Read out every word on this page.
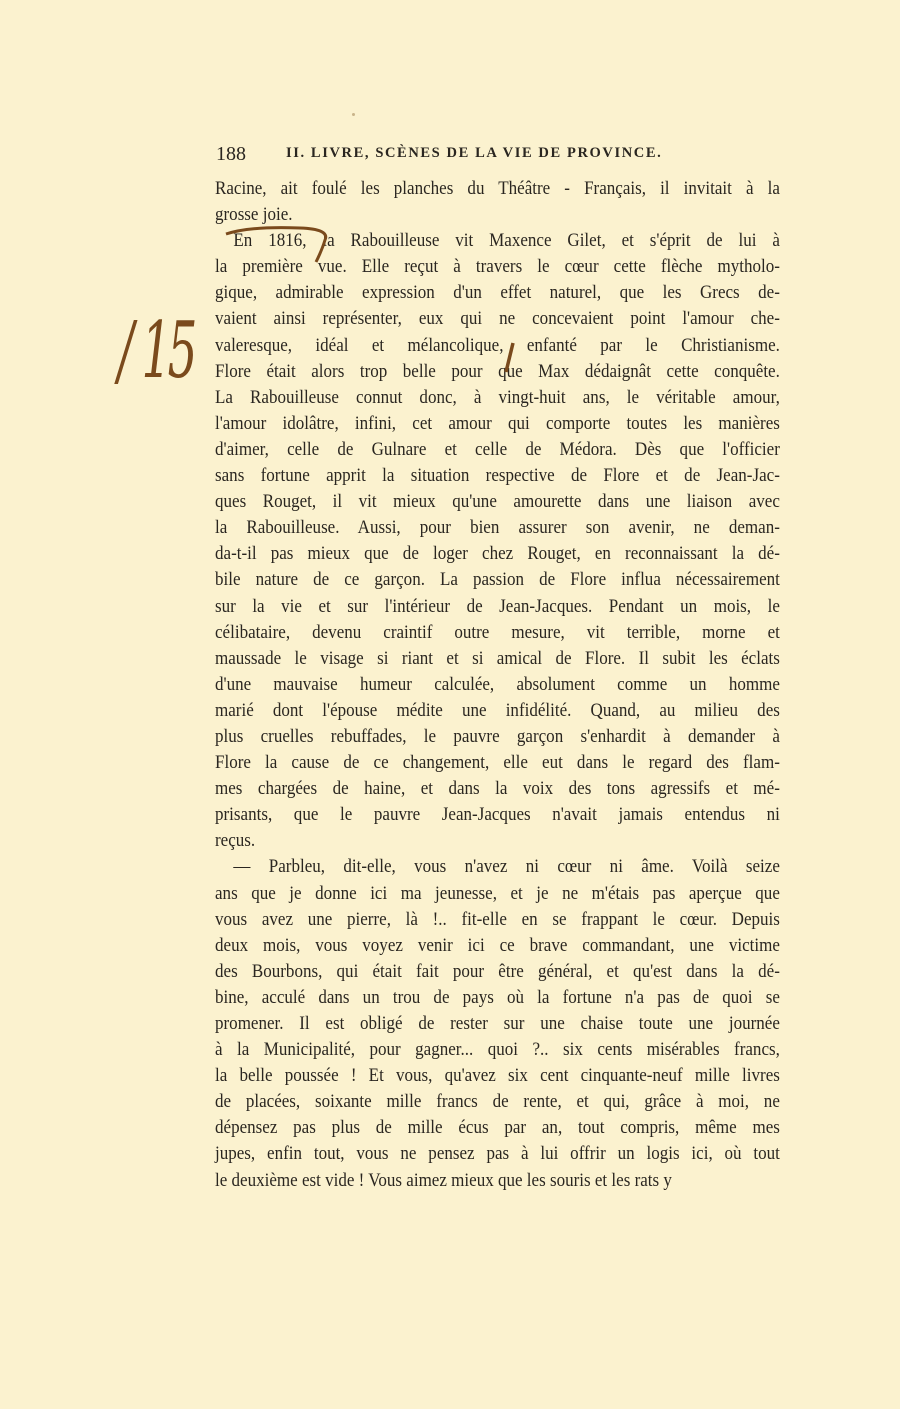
188	II. LIVRE, SCÈNES DE LA VIE DE PROVINCE.
Racine, ait foulé les planches du Théâtre - Français, il invitait à la
grosse joie.
En 1816, la Rabouilleuse vit Maxence Gilet, et s'éprit de lui à
la première vue. Elle reçut à travers le cœur cette flèche mytholo-
gique, admirable expression d'un effet naturel, que les Grecs de-
vaient ainsi représenter, eux qui ne concevaient point l'amour che-
valeresque, idéal et mélancolique, enfanté par le Christianisme.
Flore était alors trop belle pour que Max dédaignât cette conquête.
La Rabouilleuse connut donc, à vingt-huit ans, le véritable amour,
l'amour idolâtre, infini, cet amour qui comporte toutes les manières
d'aimer, celle de Gulnare et celle de Médora. Dès que l'officier
sans fortune apprit la situation respective de Flore et de Jean-Jac-
ques Rouget, il vit mieux qu'une amourette dans une liaison avec
la Rabouilleuse. Aussi, pour bien assurer son avenir, ne deman-
da-t-il pas mieux que de loger chez Rouget, en reconnaissant la dé-
bile nature de ce garçon. La passion de Flore influa nécessairement
sur la vie et sur l'intérieur de Jean-Jacques. Pendant un mois, le
célibataire, devenu craintif outre mesure, vit terrible, morne et
maussade le visage si riant et si amical de Flore. Il subit les éclats
d'une mauvaise humeur calculée, absolument comme un homme
marié dont l'épouse médite une infidélité. Quand, au milieu des
plus cruelles rebuffades, le pauvre garçon s'enhardit à demander à
Flore la cause de ce changement, elle eut dans le regard des flam-
mes chargées de haine, et dans la voix des tons agressifs et mé-
prisants, que le pauvre Jean-Jacques n'avait jamais entendus ni
reçus.
— Parbleu, dit-elle, vous n'avez ni cœur ni âme. Voilà seize
ans que je donne ici ma jeunesse, et je ne m'étais pas aperçue que
vous avez une pierre, là !.. fit-elle en se frappant le cœur. Depuis
deux mois, vous voyez venir ici ce brave commandant, une victime
des Bourbons, qui était fait pour être général, et qu'est dans la dé-
bine, acculé dans un trou de pays où la fortune n'a pas de quoi se
promener. Il est obligé de rester sur une chaise toute une journée
à la Municipalité, pour gagner... quoi ?.. six cents misérables francs,
la belle poussée ! Et vous, qu'avez six cent cinquante-neuf mille livres
de placées, soixante mille francs de rente, et qui, grâce à moi, ne
dépensez pas plus de mille écus par an, tout compris, même mes
jupes, enfin tout, vous ne pensez pas à lui offrir un logis ici, où tout
le deuxième est vide ! Vous aimez mieux que les souris et les rats y
/ 15
